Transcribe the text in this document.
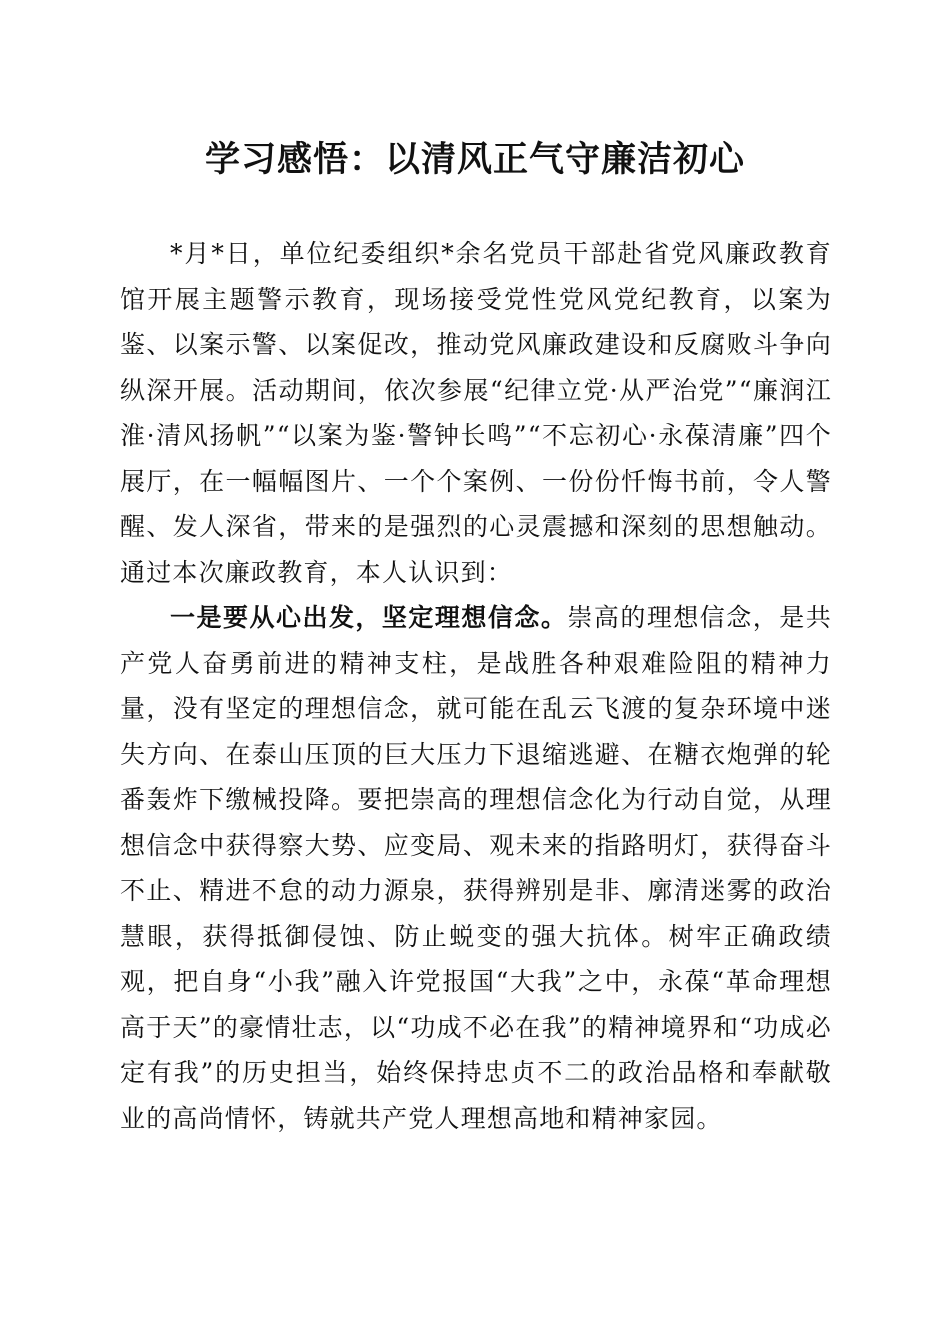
学习感悟：以清风正气守廉洁初心

*月*日，单位纪委组织*余名党员干部赴省党风廉政教育馆开展主题警示教育，现场接受党性党风党纪教育，以案为鉴、以案示警、以案促改，推动党风廉政建设和反腐败斗争向纵深开展。活动期间，依次参展“纪律立党·从严治党”“廉润江淮·清风扬帆”“以案为鉴·警钟长鸣”“不忘初心·永葆清廉”四个展厅，在一幅幅图片、一个个案例、一份份忏悔书前，令人警醒、发人深省，带来的是强烈的心灵震撼和深刻的思想触动。通过本次廉政教育，本人认识到：

一是要从心出发，坚定理想信念。崇高的理想信念，是共产党人奋勇前进的精神支柱，是战胜各种艰难险阻的精神力量，没有坚定的理想信念，就可能在乱云飞渡的复杂环境中迷失方向、在泰山压顶的巨大压力下退缩逃避、在糖衣炮弹的轮番轰炸下缴械投降。要把崇高的理想信念化为行动自觉，从理想信念中获得察大势、应变局、观未来的指路明灯，获得奋斗不止、精进不怠的动力源泉，获得辨别是非、廓清迷雾的政治慧眼，获得抵御侵蚀、防止蜕变的强大抗体。树牢正确政绩观，把自身“小我”融入许党报国“大我”之中，永葆“革命理想高于天”的豪情壮志，以“功成不必在我”的精神境界和“功成必定有我”的历史担当，始终保持忠贞不二的政治品格和奉献敬业的高尚情怀，铸就共产党人理想高地和精神家园。
